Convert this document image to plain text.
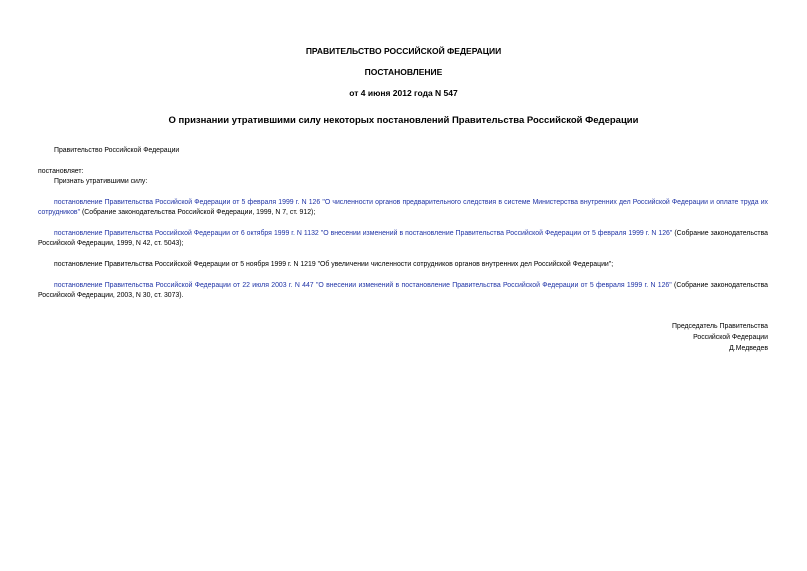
ПРАВИТЕЛЬСТВО РОССИЙСКОЙ ФЕДЕРАЦИИ
ПОСТАНОВЛЕНИЕ
от 4 июня 2012 года N 547
О признании утратившими силу некоторых постановлений Правительства Российской Федерации
Правительство Российской Федерации
постановляет:
Признать утратившими силу:
постановление Правительства Российской Федерации от 5 февраля 1999 г. N 126 "О численности органов предварительного следствия в системе Министерства внутренних дел Российской Федерации и оплате труда их сотрудников" (Собрание законодательства Российской Федерации, 1999, N 7, ст. 912);
постановление Правительства Российской Федерации от 6 октября 1999 г. N 1132 "О внесении изменений в постановление Правительства Российской Федерации от 5 февраля 1999 г. N 126" (Собрание законодательства Российской Федерации, 1999, N 42, ст. 5043);
постановление Правительства Российской Федерации от 5 ноября 1999 г. N 1219 "Об увеличении численности сотрудников органов внутренних дел Российской Федерации";
постановление Правительства Российской Федерации от 22 июля 2003 г. N 447 "О внесении изменений в постановление Правительства Российской Федерации от 5 февраля 1999 г. N 126" (Собрание законодательства Российской Федерации, 2003, N 30, ст. 3073).
Председатель Правительства
Российской Федерации
Д.Медведев
